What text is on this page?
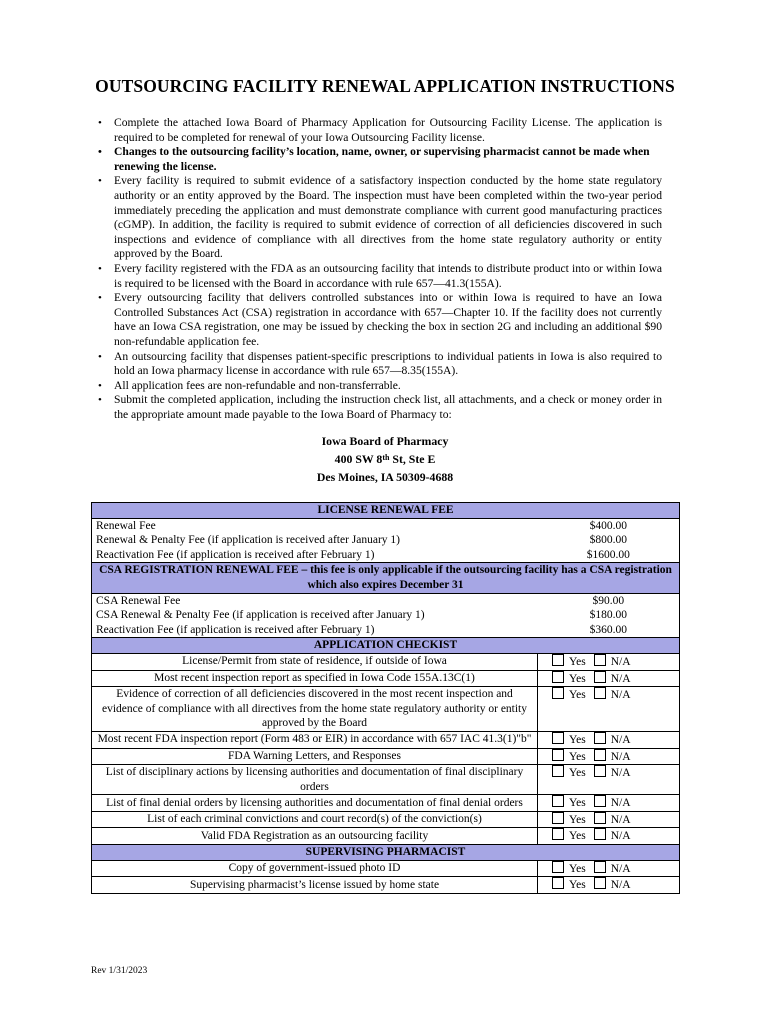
OUTSOURCING FACILITY RENEWAL APPLICATION INSTRUCTIONS
• Complete the attached Iowa Board of Pharmacy Application for Outsourcing Facility License. The application is required to be completed for renewal of your Iowa Outsourcing Facility license.
• Changes to the outsourcing facility’s location, name, owner, or supervising pharmacist cannot be made when renewing the license.
• Every facility is required to submit evidence of a satisfactory inspection conducted by the home state regulatory authority or an entity approved by the Board. The inspection must have been completed within the two-year period immediately preceding the application and must demonstrate compliance with current good manufacturing practices (cGMP). In addition, the facility is required to submit evidence of correction of all deficiencies discovered in such inspections and evidence of compliance with all directives from the home state regulatory authority or entity approved by the Board.
• Every facility registered with the FDA as an outsourcing facility that intends to distribute product into or within Iowa is required to be licensed with the Board in accordance with rule 657—41.3(155A).
• Every outsourcing facility that delivers controlled substances into or within Iowa is required to have an Iowa Controlled Substances Act (CSA) registration in accordance with 657—Chapter 10. If the facility does not currently have an Iowa CSA registration, one may be issued by checking the box in section 2G and including an additional $90 non-refundable application fee.
• An outsourcing facility that dispenses patient-specific prescriptions to individual patients in Iowa is also required to hold an Iowa pharmacy license in accordance with rule 657—8.35(155A).
• All application fees are non-refundable and non-transferrable.
• Submit the completed application, including the instruction check list, all attachments, and a check or money order in the appropriate amount made payable to the Iowa Board of Pharmacy to:
Iowa Board of Pharmacy
400 SW 8th St, Ste E
Des Moines, IA 50309-4688
LICENSE RENEWAL FEE	
Renewal Fee	$400.00
Renewal & Penalty Fee (if application is received after January 1)	$800.00
Reactivation Fee (if application is received after February 1)	$1600.00
CSA REGISTRATION RENEWAL FEE – this fee is only applicable if the outsourcing facility has a CSA registration which also expires December 31	
CSA Renewal Fee	$90.00
CSA Renewal & Penalty Fee (if application is received after January 1)	$180.00
Reactivation Fee (if application is received after February 1)	$360.00
APPLICATION CHECKIST	
License/Permit from state of residence, if outside of Iowa	Yes N/A
Most recent inspection report as specified in Iowa Code 155A.13C(1)	Yes N/A
Evidence of correction of all deficiencies discovered in the most recent inspection and evidence of compliance with all directives from the home state regulatory authority or entity approved by the Board	Yes N/A
Most recent FDA inspection report (Form 483 or EIR) in accordance with 657 IAC 41.3(1)"b"	Yes N/A
FDA Warning Letters, and Responses	Yes N/A
List of disciplinary actions by licensing authorities and documentation of final disciplinary orders	Yes N/A
List of final denial orders by licensing authorities and documentation of final denial orders	Yes N/A
List of each criminal convictions and court record(s) of the conviction(s)	Yes N/A
Valid FDA Registration as an outsourcing facility	Yes N/A
SUPERVISING PHARMACIST	
Copy of government-issued photo ID	Yes N/A
Supervising pharmacist’s license issued by home state	Yes N/A
Rev 1/31/2023
